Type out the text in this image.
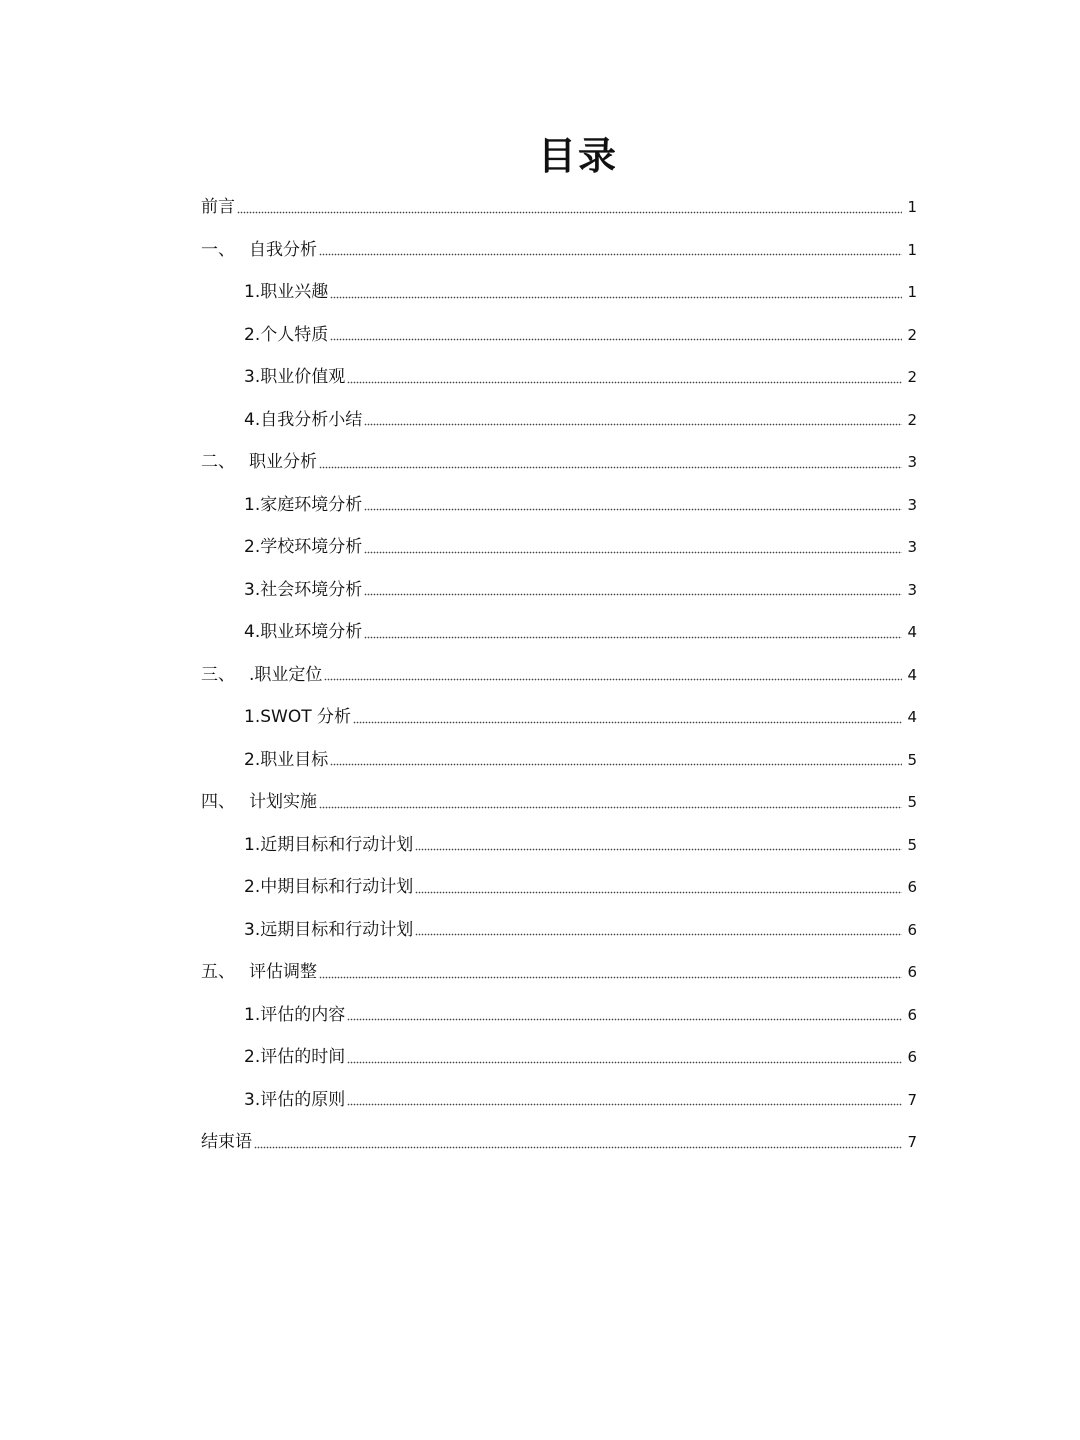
目录
前言	1
一、 自我分析	1
1. 职业兴趣	1
2. 个人特质	2
3. 职业价值观	2
4. 自我分析小结	2
二、 职业分析	3
1. 家庭环境分析	3
2. 学校环境分析	3
3. 社会环境分析	3
4. 职业环境分析	4
三、 .职业定位	4
1. SWOT 分析	4
2. 职业目标	5
四、 计划实施	5
1. 近期目标和行动计划	5
2. 中期目标和行动计划	6
3. 远期目标和行动计划	6
五、 评估调整	6
1. 评估的内容	6
2. 评估的时间	6
3. 评估的原则	7
结束语	7
